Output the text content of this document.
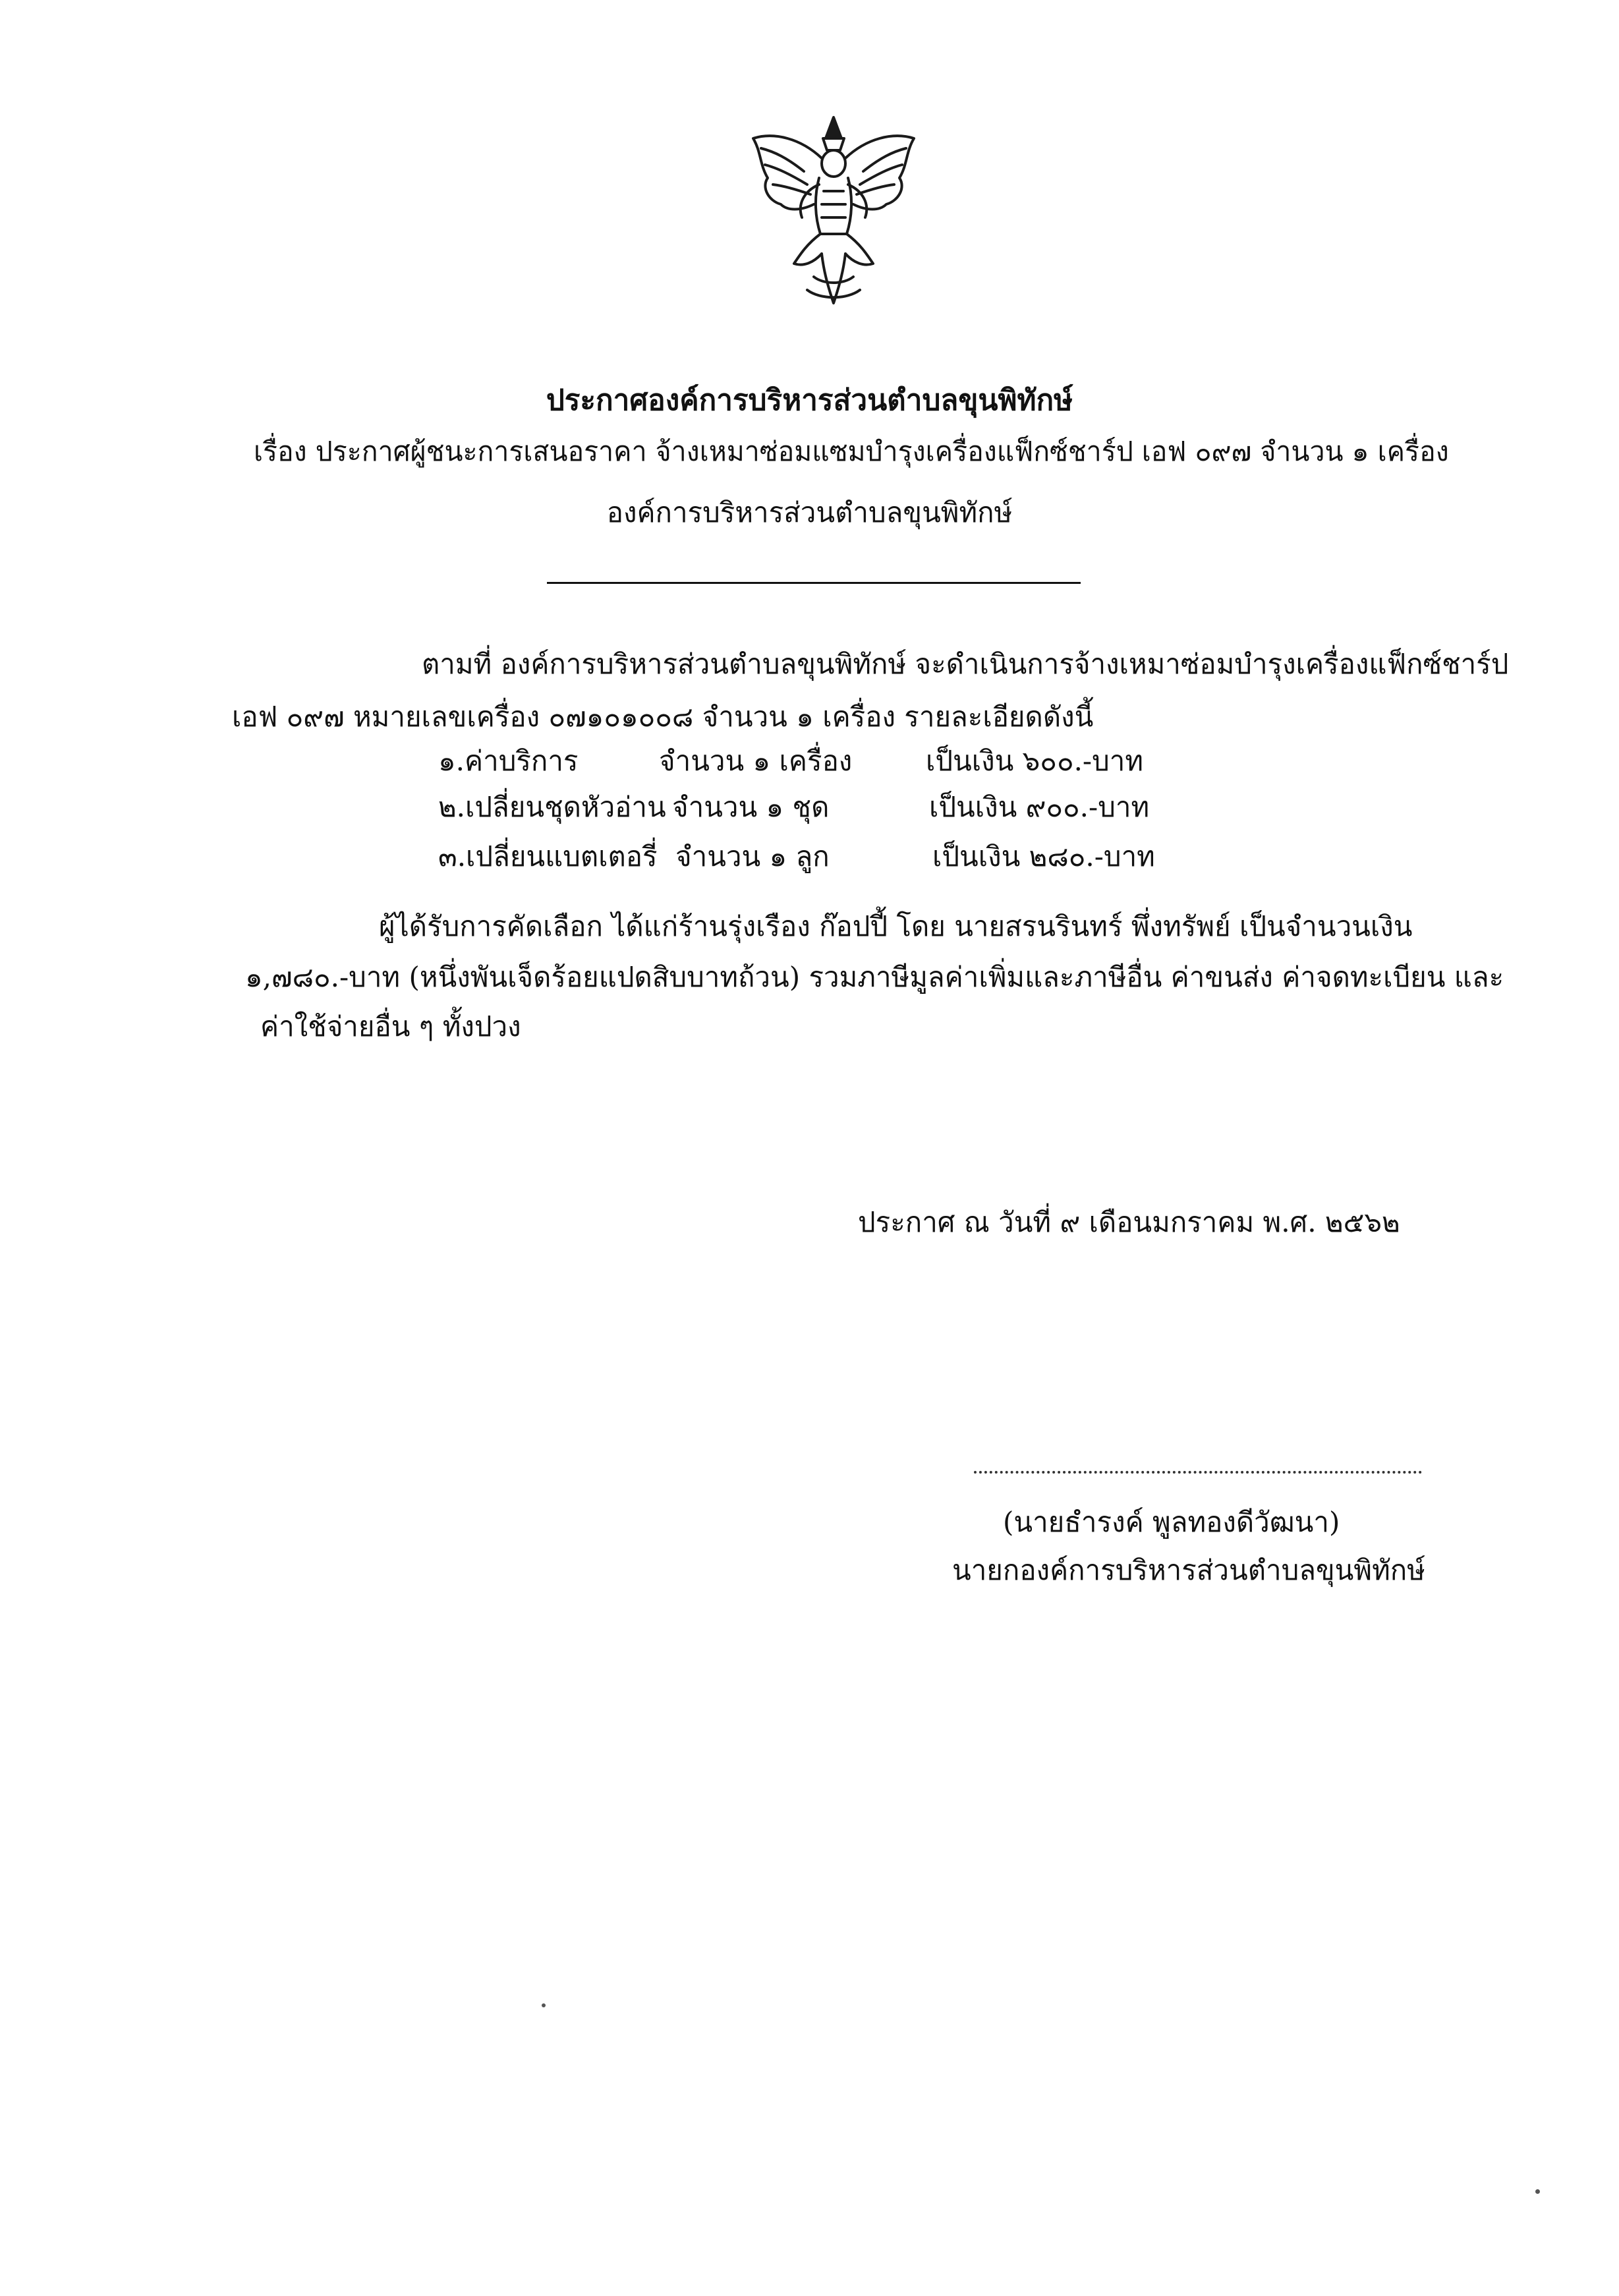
ประกาศองค์การบริหารส่วนตำบลขุนพิทักษ์
เรื่อง ประกาศผู้ชนะการเสนอราคา จ้างเหมาซ่อมแซมบำรุงเครื่องแฟ็กซ์ชาร์ป เอฟ ๐๙๗ จำนวน ๑ เครื่อง
องค์การบริหารส่วนตำบลขุนพิทักษ์
ตามที่ องค์การบริหารส่วนตำบลขุนพิทักษ์ จะดำเนินการจ้างเหมาซ่อมบำรุงเครื่องแฟ็กซ์ชาร์ป
เอฟ ๐๙๗ หมายเลขเครื่อง ๐๗๑๐๑๐๐๘ จำนวน ๑ เครื่อง รายละเอียดดังนี้
๑.ค่าบริการ	จำนวน ๑ เครื่อง	เป็นเงิน ๖๐๐.-บาท
๒.เปลี่ยนชุดหัวอ่าน จำนวน ๑ ชุด	เป็นเงิน ๙๐๐.-บาท
๓.เปลี่ยนแบตเตอรี่ จำนวน ๑ ลูก	เป็นเงิน ๒๘๐.-บาท
ผู้ได้รับการคัดเลือก ได้แก่ร้านรุ่งเรือง ก๊อปปี้ โดย นายสรนรินทร์ พึ่งทรัพย์ เป็นจำนวนเงิน
๑,๗๘๐.-บาท (หนึ่งพันเจ็ดร้อยแปดสิบบาทถ้วน) รวมภาษีมูลค่าเพิ่มและภาษีอื่น ค่าขนส่ง ค่าจดทะเบียน และ
ค่าใช้จ่ายอื่น ๆ ทั้งปวง
ประกาศ ณ วันที่ ๙ เดือนมกราคม พ.ศ. ๒๕๖๒
(นายธำรงค์ พูลทองดีวัฒนา)
นายกองค์การบริหารส่วนตำบลขุนพิทักษ์
